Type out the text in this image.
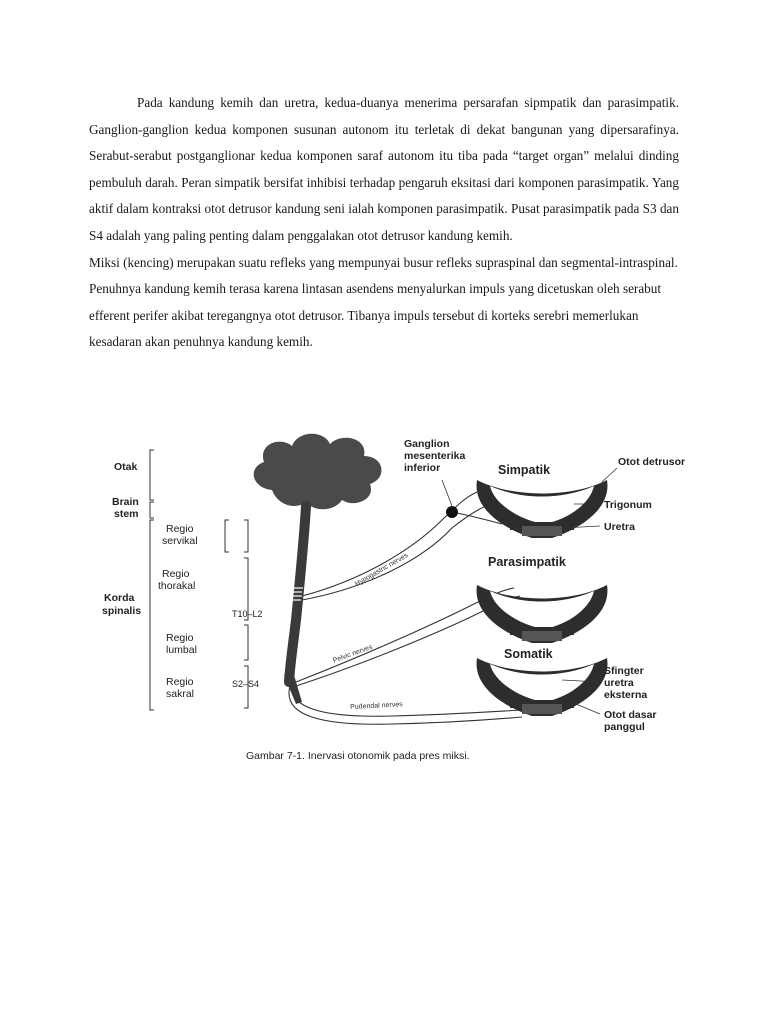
Pada kandung kemih dan uretra, kedua-duanya menerima persarafan sipmpatik dan parasimpatik. Ganglion-ganglion kedua komponen susunan autonom itu terletak di dekat bangunan yang dipersarafinya. Serabut-serabut postganglionar kedua komponen saraf autonom itu tiba pada “target organ” melalui dinding pembuluh darah. Peran simpatik bersifat inhibisi terhadap pengaruh eksitasi dari komponen parasimpatik. Yang aktif dalam kontraksi otot detrusor kandung seni ialah komponen parasimpatik. Pusat parasimpatik pada S3 dan S4 adalah yang paling penting dalam penggalakan otot detrusor kandung kemih.

Miksi (kencing) merupakan suatu refleks yang mempunyai busur refleks supraspinal dan segmental-intraspinal. Penuhnya kandung kemih terasa karena lintasan asendens menyalurkan impuls yang dicetuskan oleh serabut efferent perifer akibat teregangnya otot detrusor. Tibanya impuls tersebut di korteks serebri memerlukan kesadaran akan penuhnya kandung kemih.

Otak
Brain
stem
Korda
spinalis
Regio
servikal
Regio
thorakal
Regio
lumbal
Regio
sakral
T10–L2
S2–S4
Ganglion
mesenterika
inferior
Hypogastric nerves
Pelvic nerves
Pudendal nerves
Simpatik
Parasimpatik
Somatik
Otot detrusor
Trigonum
Uretra
Sfingter
uretra
eksterna
Otot dasar
panggul
Gambar 7-1. Inervasi otonomik pada pres miksi.
